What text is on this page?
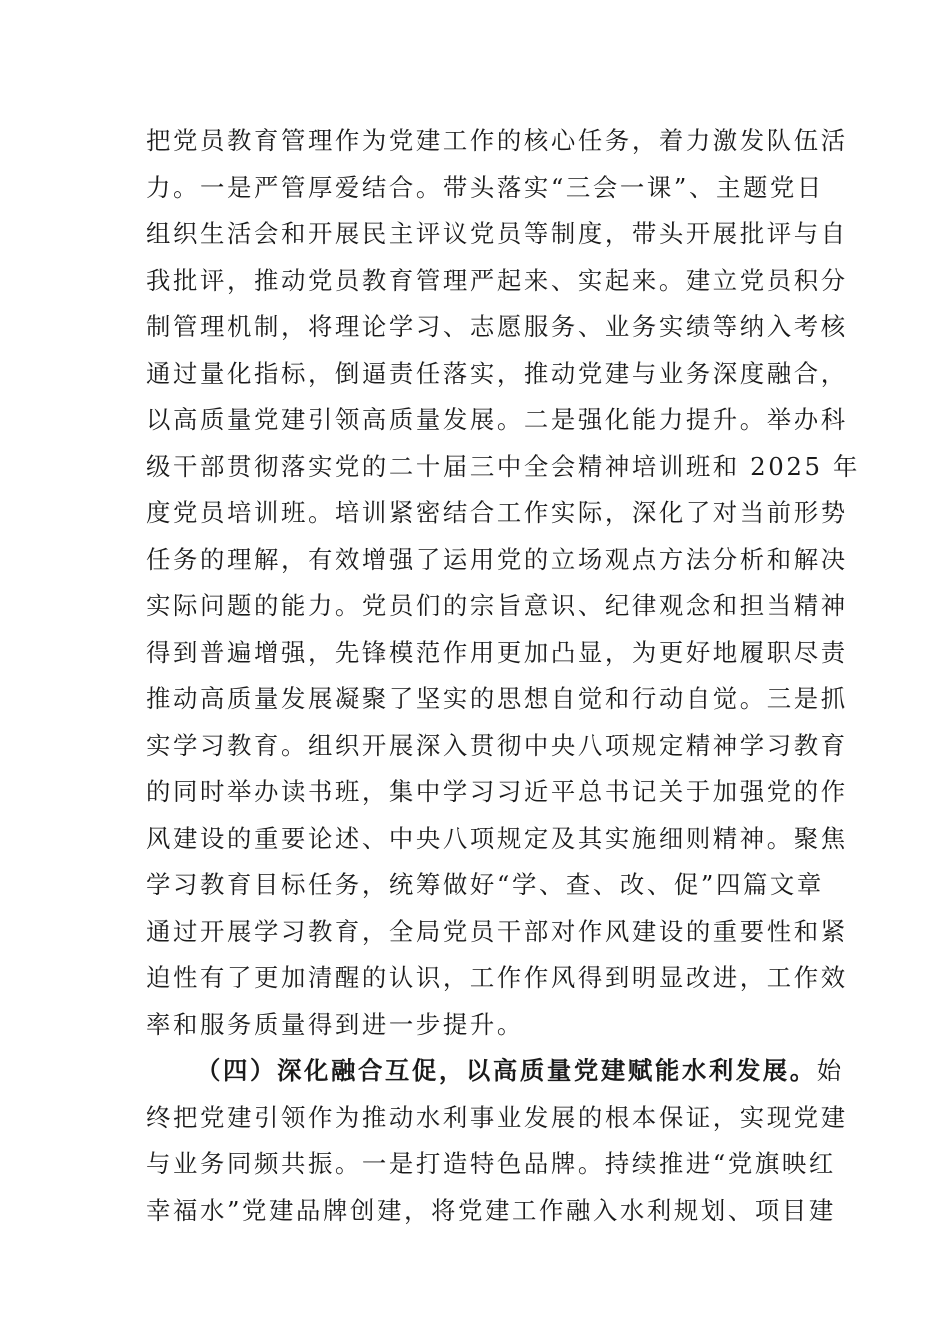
把党员教育管理作为党建工作的核心任务，着力激发队伍活
力。一是严管厚爱结合。带头落实“三会一课”、主题党日
组织生活会和开展民主评议党员等制度，带头开展批评与自
我批评，推动党员教育管理严起来、实起来。建立党员积分
制管理机制，将理论学习、志愿服务、业务实绩等纳入考核
通过量化指标，倒逼责任落实，推动党建与业务深度融合，
以高质量党建引领高质量发展。二是强化能力提升。举办科
级干部贯彻落实党的二十届三中全会精神培训班和 2025 年
度党员培训班。培训紧密结合工作实际，深化了对当前形势
任务的理解，有效增强了运用党的立场观点方法分析和解决
实际问题的能力。党员们的宗旨意识、纪律观念和担当精神
得到普遍增强，先锋模范作用更加凸显，为更好地履职尽责
推动高质量发展凝聚了坚实的思想自觉和行动自觉。三是抓
实学习教育。组织开展深入贯彻中央八项规定精神学习教育
的同时举办读书班，集中学习习近平总书记关于加强党的作
风建设的重要论述、中央八项规定及其实施细则精神。聚焦
学习教育目标任务，统筹做好“学、查、改、促”四篇文章
通过开展学习教育，全局党员干部对作风建设的重要性和紧
迫性有了更加清醒的认识，工作作风得到明显改进，工作效
率和服务质量得到进一步提升。
（四）深化融合互促，以高质量党建赋能水利发展。始
终把党建引领作为推动水利事业发展的根本保证，实现党建
与业务同频共振。一是打造特色品牌。持续推进“党旗映红
幸福水”党建品牌创建，将党建工作融入水利规划、项目建
